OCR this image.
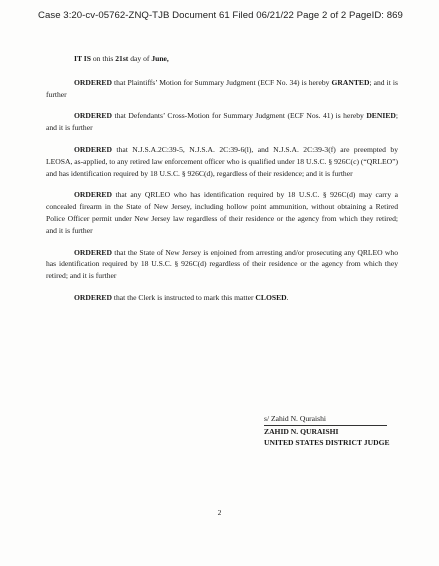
Case 3:20-cv-05762-ZNQ-TJB Document 61 Filed 06/21/22 Page 2 of 2 PageID: 869

IT IS on this 21st day of June,

ORDERED that Plaintiffs’ Motion for Summary Judgment (ECF No. 34) is hereby GRANTED; and it is further

ORDERED that Defendants’ Cross-Motion for Summary Judgment (ECF Nos. 41) is hereby DENIED; and it is further

ORDERED that N.J.S.A.2C:39-5, N.J.S.A. 2C:39-6(l), and N.J.S.A. 2C:39-3(f) are preempted by LEOSA, as-applied, to any retired law enforcement officer who is qualified under 18 U.S.C. § 926C(c) (“QRLEO”) and has identification required by 18 U.S.C. § 926C(d), regardless of their residence; and it is further

ORDERED that any QRLEO who has identification required by 18 U.S.C. § 926C(d) may carry a concealed firearm in the State of New Jersey, including hollow point ammunition, without obtaining a Retired Police Officer permit under New Jersey law regardless of their residence or the agency from which they retired; and it is further

ORDERED that the State of New Jersey is enjoined from arresting and/or prosecuting any QRLEO who has identification required by 18 U.S.C. § 926C(d) regardless of their residence or the agency from which they retired; and it is further

ORDERED that the Clerk is instructed to mark this matter CLOSED.

s/ Zahid N. Quraishi
ZAHID N. QURAISHI
UNITED STATES DISTRICT JUDGE
2
